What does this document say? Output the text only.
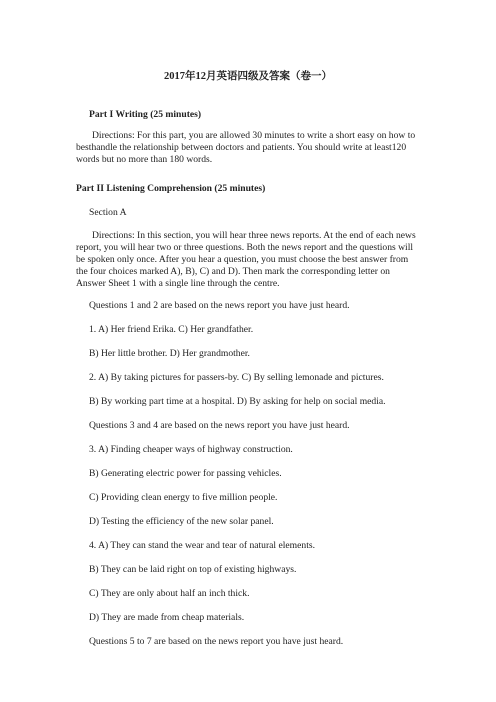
2017年12月英语四级及答案（卷一）
Part I Writing (25 minutes)
Directions: For this part, you are allowed 30 minutes to write a short easy on how to besthandle the relationship between doctors and patients. You should write at least120 words but no more than 180 words.
Part II Listening Comprehension (25 minutes)
Section A
Directions: In this section, you will hear three news reports. At the end of each news report, you will hear two or three questions. Both the news report and the questions will be spoken only once. After you hear a question, you must choose the best answer from the four choices marked A), B), C) and D). Then mark the corresponding letter on Answer Sheet 1 with a single line through the centre.
Questions 1 and 2 are based on the news report you have just heard.
1. A) Her friend Erika. C) Her grandfather.
B) Her little brother. D) Her grandmother.
2. A) By taking pictures for passers-by. C) By selling lemonade and pictures.
B) By working part time at a hospital. D) By asking for help on social media.
Questions 3 and 4 are based on the news report you have just heard.
3. A) Finding cheaper ways of highway construction.
B) Generating electric power for passing vehicles.
C) Providing clean energy to five million people.
D) Testing the efficiency of the new solar panel.
4. A) They can stand the wear and tear of natural elements.
B) They can be laid right on top of existing highways.
C) They are only about half an inch thick.
D) They are made from cheap materials.
Questions 5 to 7 are based on the news report you have just heard.
